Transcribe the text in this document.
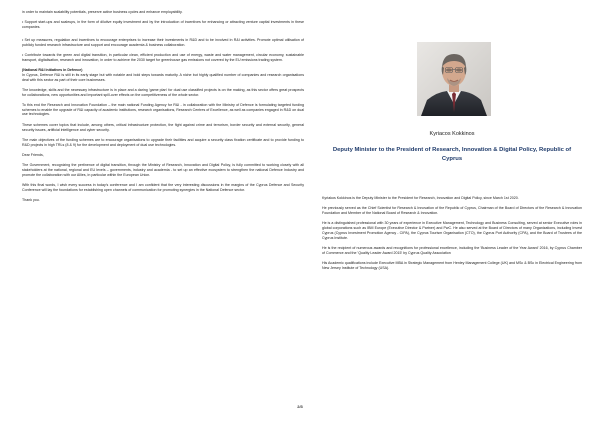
in order to maintain scalability potentials, preserve active business cycles and enhance employability.

• Support start-ups and scaleups, in the form of dilutive equity investment and by the introduction of incentives for enhancing or attracting venture capital investments in these companies.

• Set up measures, regulation and incentives to encourage enterprises to increase their investments in R&D and to be involved in R&I activities. Promote optimal utilisation of publicly funded research infrastructure and support and encourage academia & business collaboration.

• Contribute towards the green and digital transition, in particular clean, efficient production and use of energy, waste and water management, circular economy, sustainable transport, digitalisation, research and innovation, in order to achieve the 2030 target for greenhouse gas emissions not covered by the EU emissions trading system.

(National R&I Initiatives in Defence)

In Cyprus, Defence R&I is still in its early stage but with notable and bold steps towards maturity. A niche but highly qualified number of companies and research organisations deal with this sector as part of their core businesses.

The knowledge, skills and the necessary infrastructure is in place and a daring 'game plan' for dual use classified projects is on the making, as this sector offers great prospects for collaborations, new opportunities and important spill-over effects on the competitiveness of the whole sector.

To this end the Research and Innovation Foundation – the main national Funding Agency for R&I - in collaboration with the Ministry of Defence is formulating targeted funding schemes to enable the upgrade of R&I capacity of academic institutions, research organisations, Research Centres of Excellence, as well as companies engaged in R&D on dual use technologies.

These schemes cover topics that include, among others, critical infrastructure protection, the fight against crime and terrorism, border security and external security, general security issues, artificial intelligence and cyber security.

The main objectives of the funding schemes are to encourage organisations to upgrade their facilities and acquire a security class fixation certificate and to provide funding to R&D projects in high TRLs (8 & 9) for the development and deployment of dual use technologies.

Dear Friends,

The Government, recognizing the pertinence of digital transition, through the Ministry of Research, Innovation and Digital Policy, is fully committed to working closely with all stakeholders at the national, regional and EU levels – governments, industry and academia - to set up an effective ecosystem to strengthen the national Defence Industry and promote the collaboration with our Allies, in particular within the European Union.

With this final words, I wish every success in today's conference and I am confident that the very interesting discussions in the margins of the Cyprus Defence and Security Conference will lay the foundations for establishing open channels of communication for promoting synergies in the National Defence sector.

Thank you.

Kyriacos Kokkinos
Deputy Minister to the President of Research, Innovation & Digital Policy, Republic of Cyprus

Kyriakos Kokkinos is the Deputy Minister to the President for Research, Innovation and Digital Policy, since March 1st 2020.

He previously served as the Chief Scientist for Research & Innovation of the Republic of Cyprus, Chairman of the Board of Directors of the Research & Innovation Foundation and Member of the National Board of Research & Innovation.

He is a distinguished professional with 30 years of experience in Executive Management, Technology and Business Consulting, served at senior Executive roles in global corporations such as IBM Europe (Executive Director & Partner) and PwC. He also served at the Board of Directors of many Organizations, including Invest Cyprus (Cyprus Investment Promotion Agency - CIPA), the Cyprus Tourism Organisation (CTO), the Cyprus Port Authority (CPA), and the Board of Trustees of the Cyprus Institute.

He is the recipient of numerous awards and recognitions for professional excellence, including the 'Business Leader of the Year Award' 2016, by Cyprus Chamber of Commerce and the 'Quality Leader Award 2015' by Cyprus Quality Association

His Academic qualifications include Executive MBA in Strategic Management from Henley Management College (UK) and MSc & BSc in Electrical Engineering from New Jersey Institute of Technology (USA).

2/3
